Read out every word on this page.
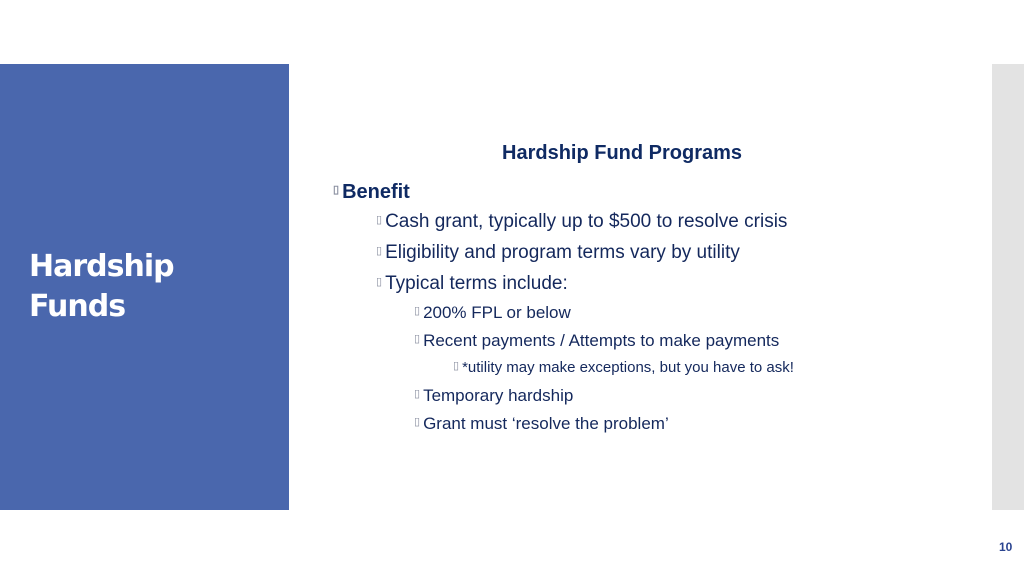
Hardship
Funds
Hardship Fund Programs
▯ Benefit
▯ Cash grant, typically up to $500 to resolve crisis
▯ Eligibility and program terms vary by utility
▯ Typical terms include:
▯ 200% FPL or below
▯ Recent payments / Attempts to make payments
▯ *utility may make exceptions, but you have to ask!
▯ Temporary hardship
▯ Grant must ‘resolve the problem’
10
